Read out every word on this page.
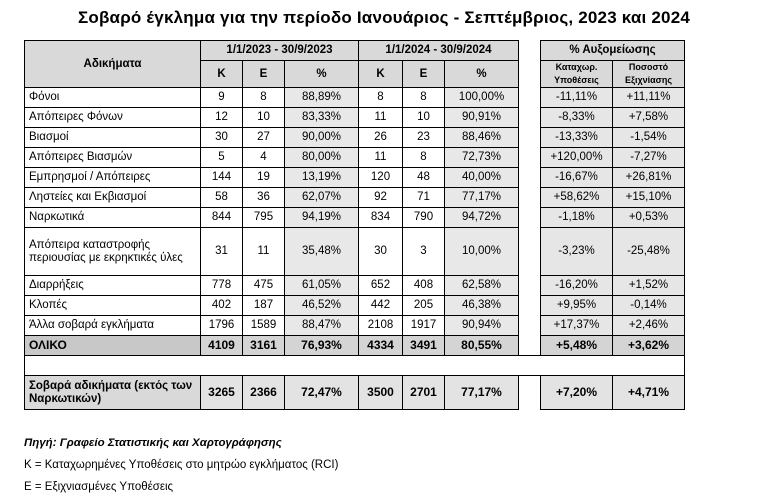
Σοβαρό έγκλημα για την περίοδο Ιανουάριος - Σεπτέμβριος, 2023 και 2024
Αδικήματα	1/1/2023 - 30/9/2023			1/1/2024 - 30/9/2024				% Αυξομείωσης	
	Κ	Ε	%	Κ	Ε	%		Καταχωρ. Υποθέσεις	Ποσοστό Εξιχνίασης
Φόνοι	9	8	88,89%	8	8	100,00%		-11,11%	+11,11%
Απόπειρες Φόνων	12	10	83,33%	11	10	90,91%		-8,33%	+7,58%
Βιασμοί	30	27	90,00%	26	23	88,46%		-13,33%	-1,54%
Απόπειρες Βιασμών	5	4	80,00%	11	8	72,73%		+120,00%	-7,27%
Εμπρησμοί / Απόπειρες	144	19	13,19%	120	48	40,00%		-16,67%	+26,81%
Ληστείες και Εκβιασμοί	58	36	62,07%	92	71	77,17%		+58,62%	+15,10%
Ναρκωτικά	844	795	94,19%	834	790	94,72%		-1,18%	+0,53%
Απόπειρα καταστροφής περιουσίας με εκρηκτικές ύλες	31	11	35,48%	30	3	10,00%		-3,23%	-25,48%
Διαρρήξεις	778	475	61,05%	652	408	62,58%		-16,20%	+1,52%
Κλοπές	402	187	46,52%	442	205	46,38%		+9,95%	-0,14%
Άλλα σοβαρά εγκλήματα	1796	1589	88,47%	2108	1917	90,94%		+17,37%	+2,46%
ΟΛΙΚΟ	4109	3161	76,93%	4334	3491	80,55%		+5,48%	+3,62%

Σοβαρά αδικήματα (εκτός των Ναρκωτικών)	3265	2366	72,47%	3500	2701	77,17%		+7,20%	+4,71%
Πηγή: Γραφείο Στατιστικής και Χαρτογράφησης
Κ = Καταχωρημένες Υποθέσεις στο μητρώο εγκλήματος (RCI)
Ε = Εξιχνιασμένες Υποθέσεις
